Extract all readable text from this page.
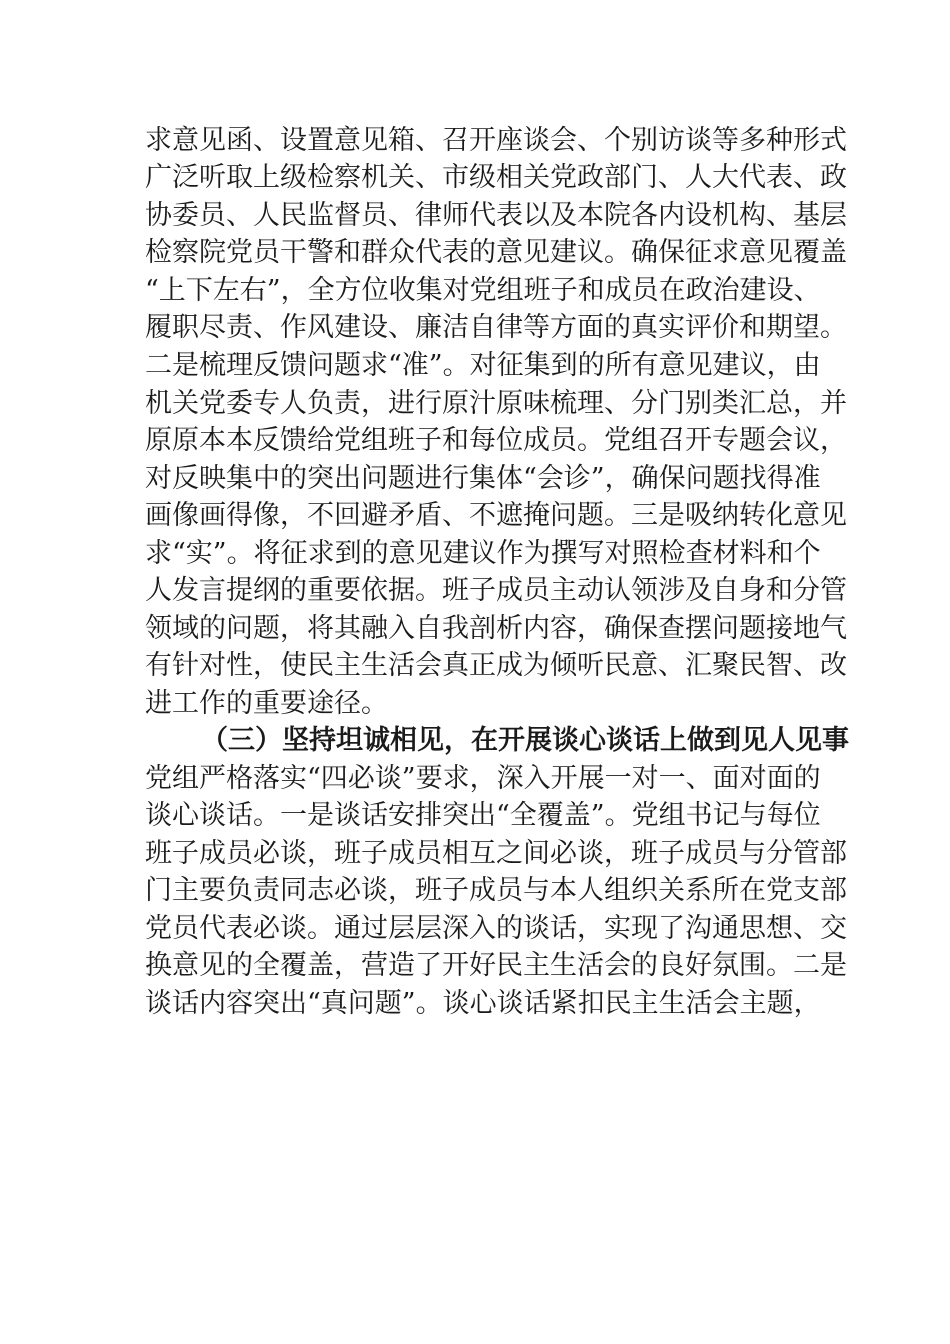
求意见函、设置意见箱、召开座谈会、个别访谈等多种形式
广泛听取上级检察机关、市级相关党政部门、人大代表、政
协委员、人民监督员、律师代表以及本院各内设机构、基层
检察院党员干警和群众代表的意见建议。确保征求意见覆盖
“上下左右”，全方位收集对党组班子和成员在政治建设、
履职尽责、作风建设、廉洁自律等方面的真实评价和期望。
二是梳理反馈问题求“准”。对征集到的所有意见建议，由
机关党委专人负责，进行原汁原味梳理、分门别类汇总，并
原原本本反馈给党组班子和每位成员。党组召开专题会议，
对反映集中的突出问题进行集体“会诊”，确保问题找得准
画像画得像，不回避矛盾、不遮掩问题。三是吸纳转化意见
求“实”。将征求到的意见建议作为撰写对照检查材料和个
人发言提纲的重要依据。班子成员主动认领涉及自身和分管
领域的问题，将其融入自我剖析内容，确保查摆问题接地气
有针对性，使民主生活会真正成为倾听民意、汇聚民智、改
进工作的重要途径。
（三）坚持坦诚相见，在开展谈心谈话上做到见人见事
党组严格落实“四必谈”要求，深入开展一对一、面对面的
谈心谈话。一是谈话安排突出“全覆盖”。党组书记与每位
班子成员必谈，班子成员相互之间必谈，班子成员与分管部
门主要负责同志必谈，班子成员与本人组织关系所在党支部
党员代表必谈。通过层层深入的谈话，实现了沟通思想、交
换意见的全覆盖，营造了开好民主生活会的良好氛围。二是
谈话内容突出“真问题”。谈心谈话紧扣民主生活会主题，
